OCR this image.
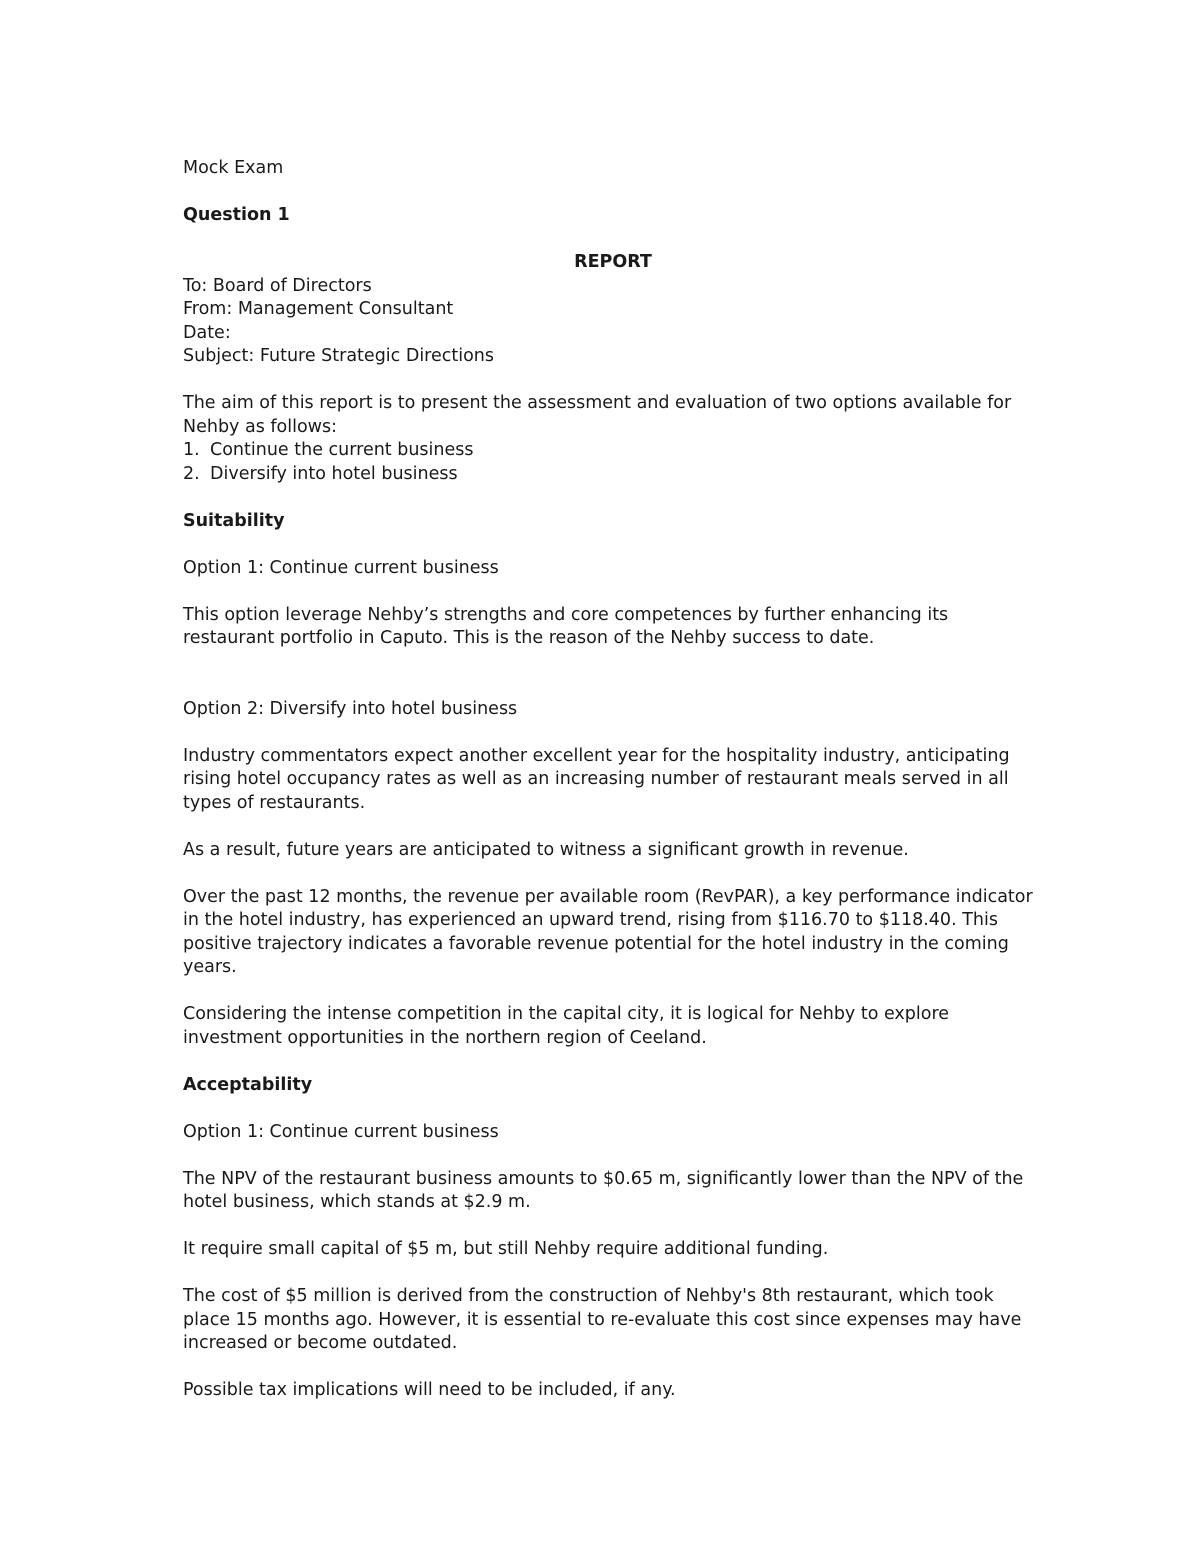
Mock Exam

Question 1

REPORT

To: Board of Directors

From: Management Consultant

Date:

Subject: Future Strategic Directions

The aim of this report is to present the assessment and evaluation of two options available for Nehby as follows:

1. Continue the current business
2. Diversify into hotel business

Suitability

Option 1: Continue current business

This option leverage Nehby’s strengths and core competences by further enhancing its restaurant portfolio in Caputo. This is the reason of the Nehby success to date.

Option 2: Diversify into hotel business

Industry commentators expect another excellent year for the hospitality industry, anticipating rising hotel occupancy rates as well as an increasing number of restaurant meals served in all types of restaurants.

As a result, future years are anticipated to witness a significant growth in revenue.

Over the past 12 months, the revenue per available room (RevPAR), a key performance indicator in the hotel industry, has experienced an upward trend, rising from $116.70 to $118.40. This positive trajectory indicates a favorable revenue potential for the hotel industry in the coming years.

Considering the intense competition in the capital city, it is logical for Nehby to explore investment opportunities in the northern region of Ceeland.

Acceptability

Option 1: Continue current business

The NPV of the restaurant business amounts to $0.65 m, significantly lower than the NPV of the hotel business, which stands at $2.9 m.

It require small capital of $5 m, but still Nehby require additional funding.

The cost of $5 million is derived from the construction of Nehby's 8th restaurant, which took place 15 months ago. However, it is essential to re-evaluate this cost since expenses may have increased or become outdated.

Possible tax implications will need to be included, if any.
